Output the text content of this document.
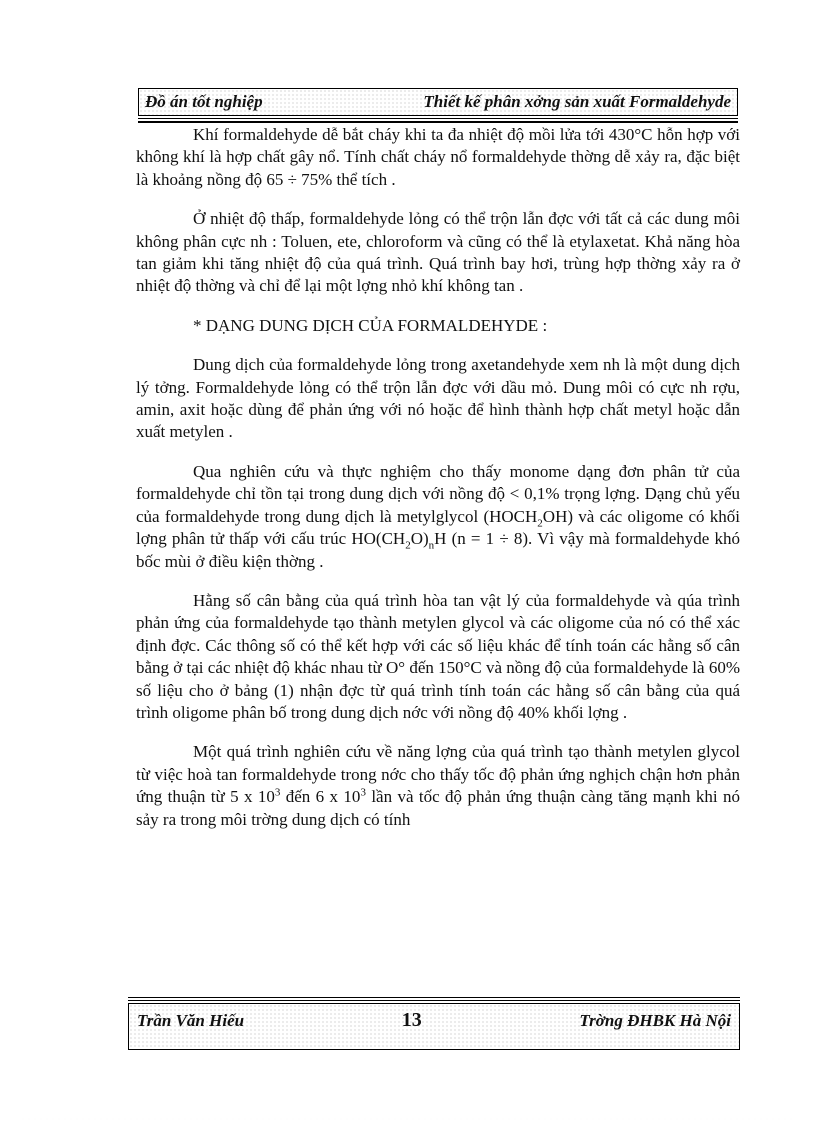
Đồ án tốt nghiệp	Thiết kế phân xởng sản xuất Formaldehyde

Khí formaldehyde dễ bắt cháy khi ta đa nhiệt độ mồi lửa tới 430°C hỗn hợp với không khí là hợp chất gây nổ. Tính chất cháy nổ formaldehyde thờng dễ xảy ra, đặc biệt là khoảng nồng độ 65 ÷ 75% thể tích .

Ở nhiệt độ thấp, formaldehyde lỏng có thể trộn lẫn đợc với tất cả các dung môi không phân cực nh : Toluen, ete, chloroform và cũng có thể là etylaxetat. Khả năng hòa tan giảm khi tăng nhiệt độ của quá trình. Quá trình bay hơi, trùng hợp thờng xảy ra ở nhiệt độ thờng và chỉ để lại một lợng nhỏ khí không tan .

* DẠNG DUNG DỊCH CỦA FORMALDEHYDE :

Dung dịch của formaldehyde lỏng trong axetandehyde xem nh là một dung dịch lý tởng. Formaldehyde lỏng có thể trộn lẫn đợc với dầu mỏ. Dung môi có cực nh rợu, amin, axit hoặc dùng để phản ứng với nó hoặc để hình thành hợp chất metyl hoặc dẫn xuất metylen .

Qua nghiên cứu và thực nghiệm cho thấy monome dạng đơn phân tử của formaldehyde chỉ tồn tại trong dung dịch với nồng độ < 0,1% trọng lợng. Dạng chủ yếu của formaldehyde trong dung dịch là metylglycol $(HOCH_2OH)$ và các oligome có khối lợng phân tử thấp với cấu trúc $HO(CH_2O)_nH$ (n = 1 ÷ 8). Vì vậy mà formaldehyde khó bốc mùi ở điều kiện thờng .

Hằng số cân bằng của quá trình hòa tan vật lý của formaldehyde và qúa trình phản ứng của formaldehyde tạo thành metylen glycol và các oligome của nó có thể xác định đợc. Các thông số có thể kết hợp với các số liệu khác để tính toán các hằng số cân bằng ở tại các nhiệt độ khác nhau từ O° đến 150°C và nồng độ của formaldehyde là 60% số liệu cho ở bảng (1) nhận đợc từ quá trình tính toán các hằng số cân bằng của quá trình oligome phân bố trong dung dịch nớc với nồng độ 40% khối lợng .

Một quá trình nghiên cứu về năng lợng của quá trình tạo thành metylen glycol từ việc hoà tan formaldehyde trong nớc cho thấy tốc độ phản ứng nghịch chận hơn phản ứng thuận từ 5 x $10^3$ đến 6 x $10^3$ lần và tốc độ phản ứng thuận càng tăng mạnh khi nó sảy ra trong môi trờng dung dịch có tính

Trần Văn Hiếu	13	Trờng ĐHBK Hà Nội
